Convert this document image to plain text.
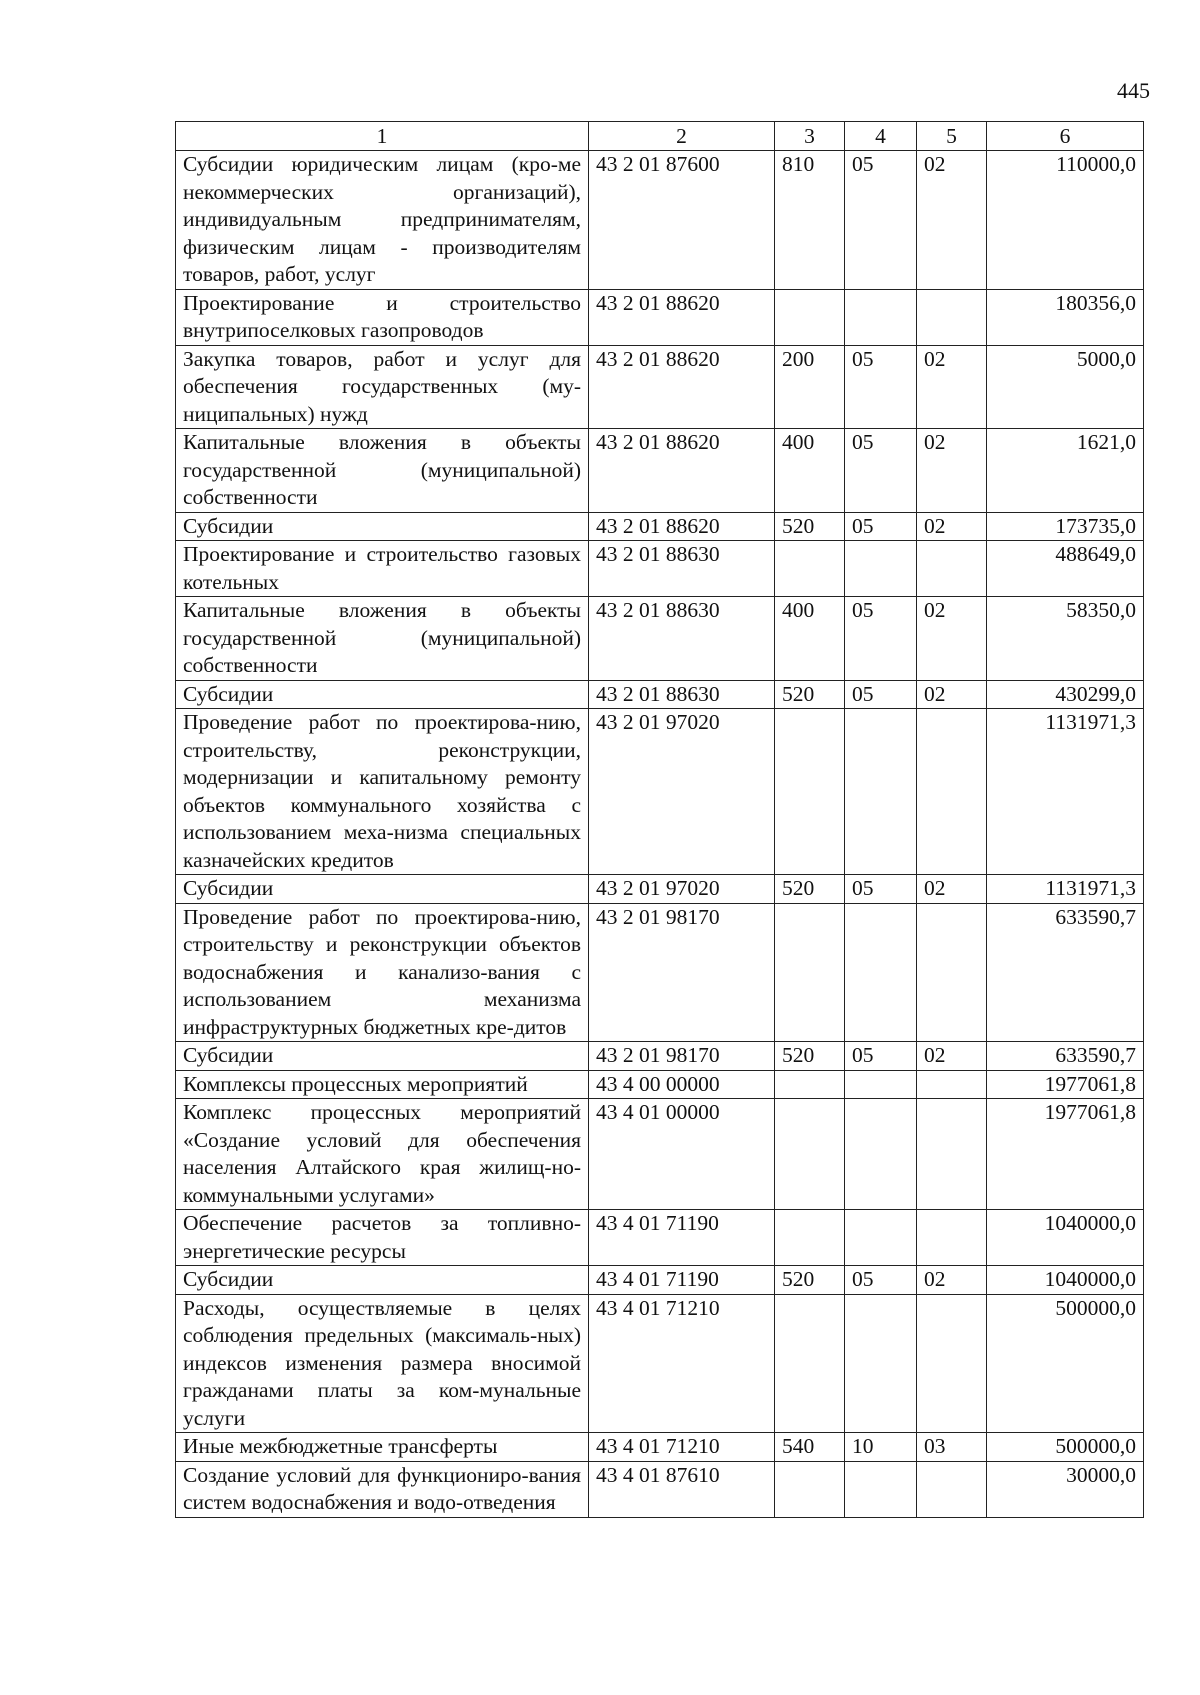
445
1	2	3	4	5	6
Субсидии юридическим лицам (кро-ме некоммерческих организаций), индивидуальным предпринимателям, физическим лицам - производителям товаров, работ, услуг	43 2 01 87600	810	05	02	110000,0
Проектирование и строительство внутрипоселковых газопроводов	43 2 01 88620				180356,0
Закупка товаров, работ и услуг для обеспечения государственных (му-ниципальных) нужд	43 2 01 88620	200	05	02	5000,0
Капитальные вложения в объекты государственной (муниципальной) собственности	43 2 01 88620	400	05	02	1621,0
Субсидии	43 2 01 88620	520	05	02	173735,0
Проектирование и строительство газовых котельных	43 2 01 88630				488649,0
Капитальные вложения в объекты государственной (муниципальной) собственности	43 2 01 88630	400	05	02	58350,0
Субсидии	43 2 01 88630	520	05	02	430299,0
Проведение работ по проектирова-нию, строительству, реконструкции, модернизации и капитальному ремонту объектов коммунального хозяйства с использованием меха-низма специальных казначейских кредитов	43 2 01 97020				1131971,3
Субсидии	43 2 01 97020	520	05	02	1131971,3
Проведение работ по проектирова-нию, строительству и реконструкции объектов водоснабжения и канализо-вания с использованием механизма инфраструктурных бюджетных кре-дитов	43 2 01 98170				633590,7
Субсидии	43 2 01 98170	520	05	02	633590,7
Комплексы процессных мероприятий	43 4 00 00000				1977061,8
Комплекс процессных мероприятий «Создание условий для обеспечения населения Алтайского края жилищ-но-коммунальными услугами»	43 4 01 00000				1977061,8
Обеспечение расчетов за топливно-энергетические ресурсы	43 4 01 71190				1040000,0
Субсидии	43 4 01 71190	520	05	02	1040000,0
Расходы, осуществляемые в целях соблюдения предельных (максималь-ных) индексов изменения размера вносимой гражданами платы за ком-мунальные услуги	43 4 01 71210				500000,0
Иные межбюджетные трансферты	43 4 01 71210	540	10	03	500000,0
Создание условий для функциониро-вания систем водоснабжения и водо-отведения	43 4 01 87610				30000,0
